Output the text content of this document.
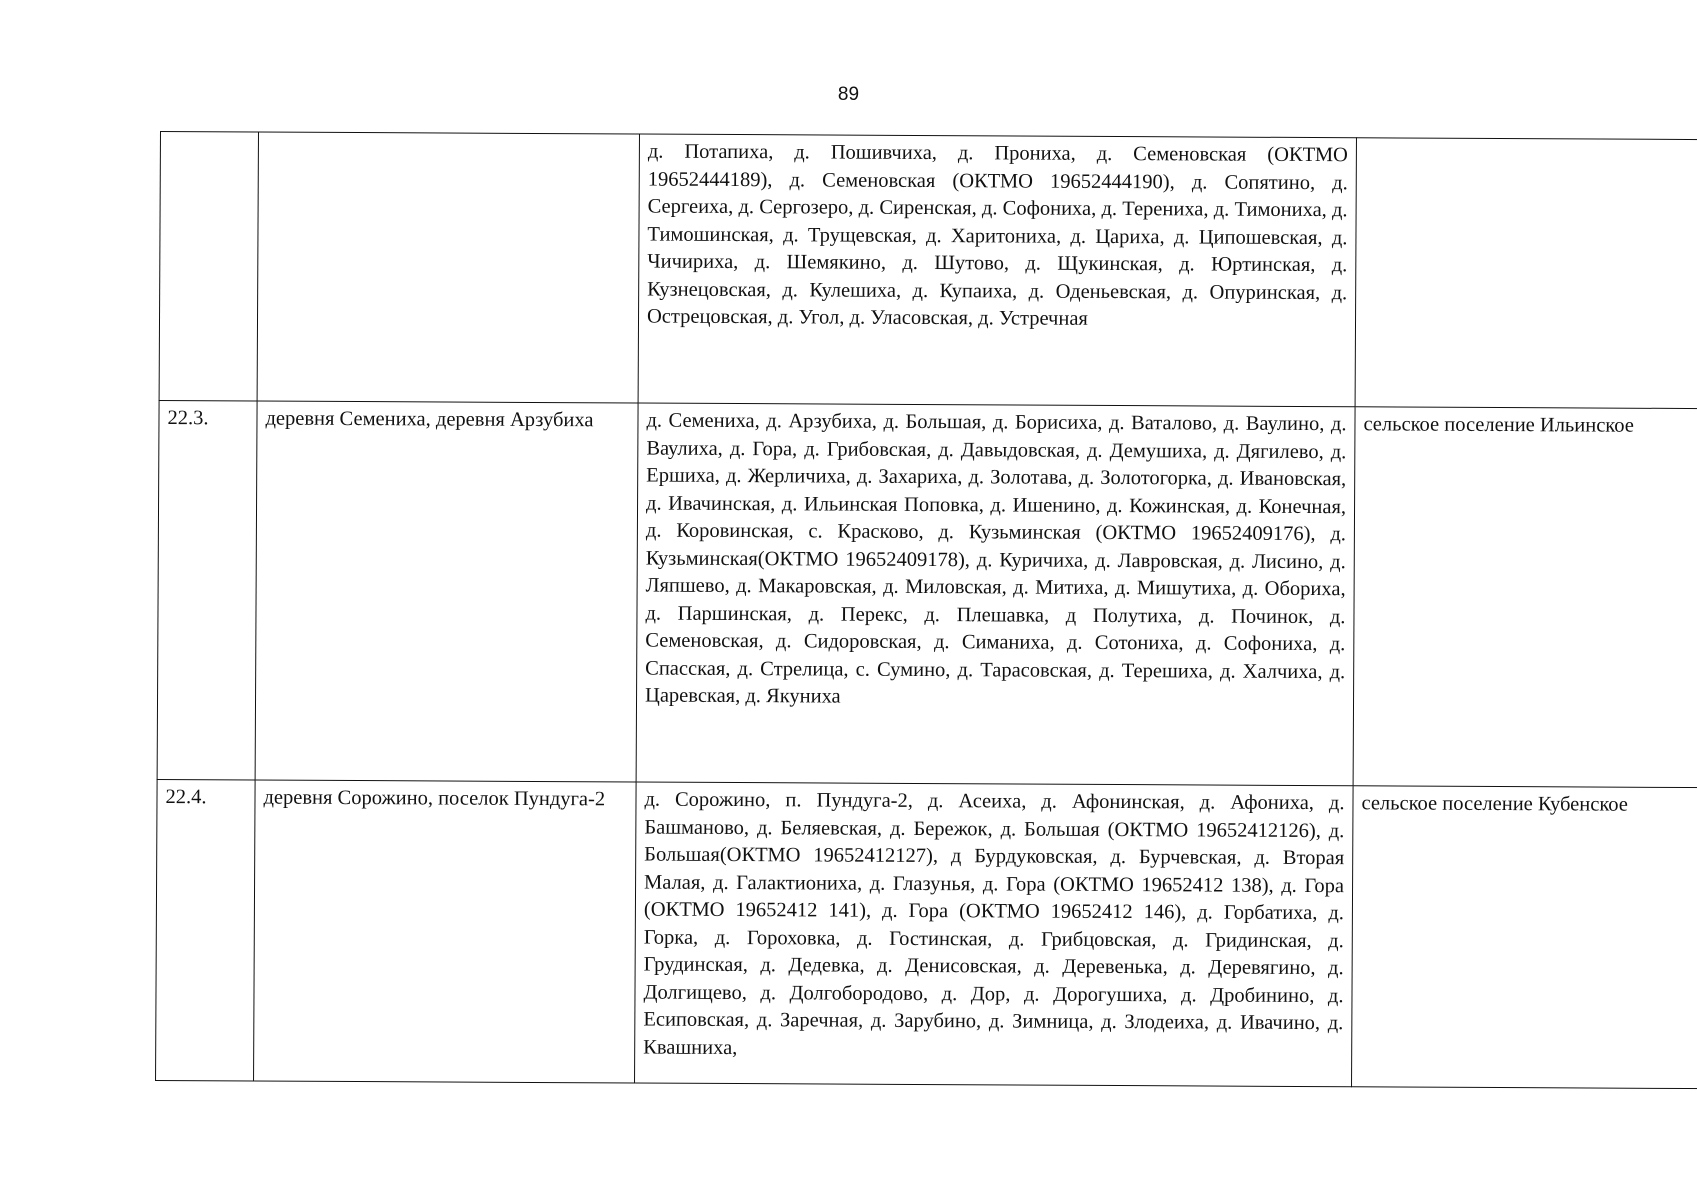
89
		д. Потапиха, д. Пошивчиха, д. Прониха, д. Семеновская (ОКТМО 19652444189), д. Семеновская (ОКТМО 19652444190), д. Сопятино, д. Сергеиха, д. Сергозеро, д. Сиренская, д. Софониха, д. Терениха, д. Тимониха, д. Тимошинская, д. Трущевская, д. Харитониха, д. Цариха, д. Ципошевская, д. Чичириха, д. Шемякино, д. Шутово, д. Щукинская, д. Юртинская, д. Кузнецовская, д. Кулешиха, д. Купаиха, д. Оденьевская, д. Опуринская, д. Острецовская, д. Угол, д. Уласовская, д. Устречная	
22.3.	деревня Семениха, деревня Арзубиха	д. Семениха, д. Арзубиха, д. Большая, д. Борисиха, д. Ваталово, д. Ваулино, д. Ваулиха, д. Гора, д. Грибовская, д. Давыдовская, д. Демушиха, д. Дягилево, д. Ершиха, д. Жерличиха, д. Захариха, д. Золотава, д. Золотогорка, д. Ивановская, д. Ивачинская, д. Ильинская Поповка, д. Ишенино, д. Кожинская, д. Конечная, д. Коровинская, с. Красково, д. Кузьминская (ОКТМО 19652409176), д. Кузьминская(ОКТМО 19652409178), д. Куричиха, д. Лавровская, д. Лисино, д. Ляпшево, д. Макаровская, д. Миловская, д. Митиха, д. Мишутиха, д. Обориха, д. Паршинская, д. Перекс, д. Плешавка, д Полутиха, д. Починок, д. Семеновская, д. Сидоровская, д. Симаниха, д. Сотониха, д. Софониха, д. Спасская, д. Стрелица, с. Сумино, д. Тарасовская, д. Терешиха, д. Халчиха, д. Царевская, д. Якуниха	сельское поселение Ильинское
22.4.	деревня Сорожино, поселок Пундуга-2	д. Сорожино, п. Пундуга-2, д. Асеиха, д. Афонинская, д. Афониха, д. Башманово, д. Беляевская, д. Бережок, д. Большая (ОКТМО 19652412126), д. Большая(ОКТМО 19652412127), д Бурдуковская, д. Бурчевская, д. Вторая Малая, д. Галактиониха, д. Глазунья, д. Гора (ОКТМО 19652412 138), д. Гора (ОКТМО 19652412 141), д. Гора (ОКТМО 19652412 146), д. Горбатиха, д. Горка, д. Гороховка, д. Гостинская, д. Грибцовская, д. Гридинская, д. Грудинская, д. Дедевка, д. Денисовская, д. Деревенька, д. Деревягино, д. Долгищево, д. Долгобородово, д. Дор, д. Дорогушиха, д. Дробинино, д. Есиповская, д. Заречная, д. Зарубино, д. Зимница, д. Злодеиха, д. Ивачино, д. Квашниха,	сельское поселение Кубенское
